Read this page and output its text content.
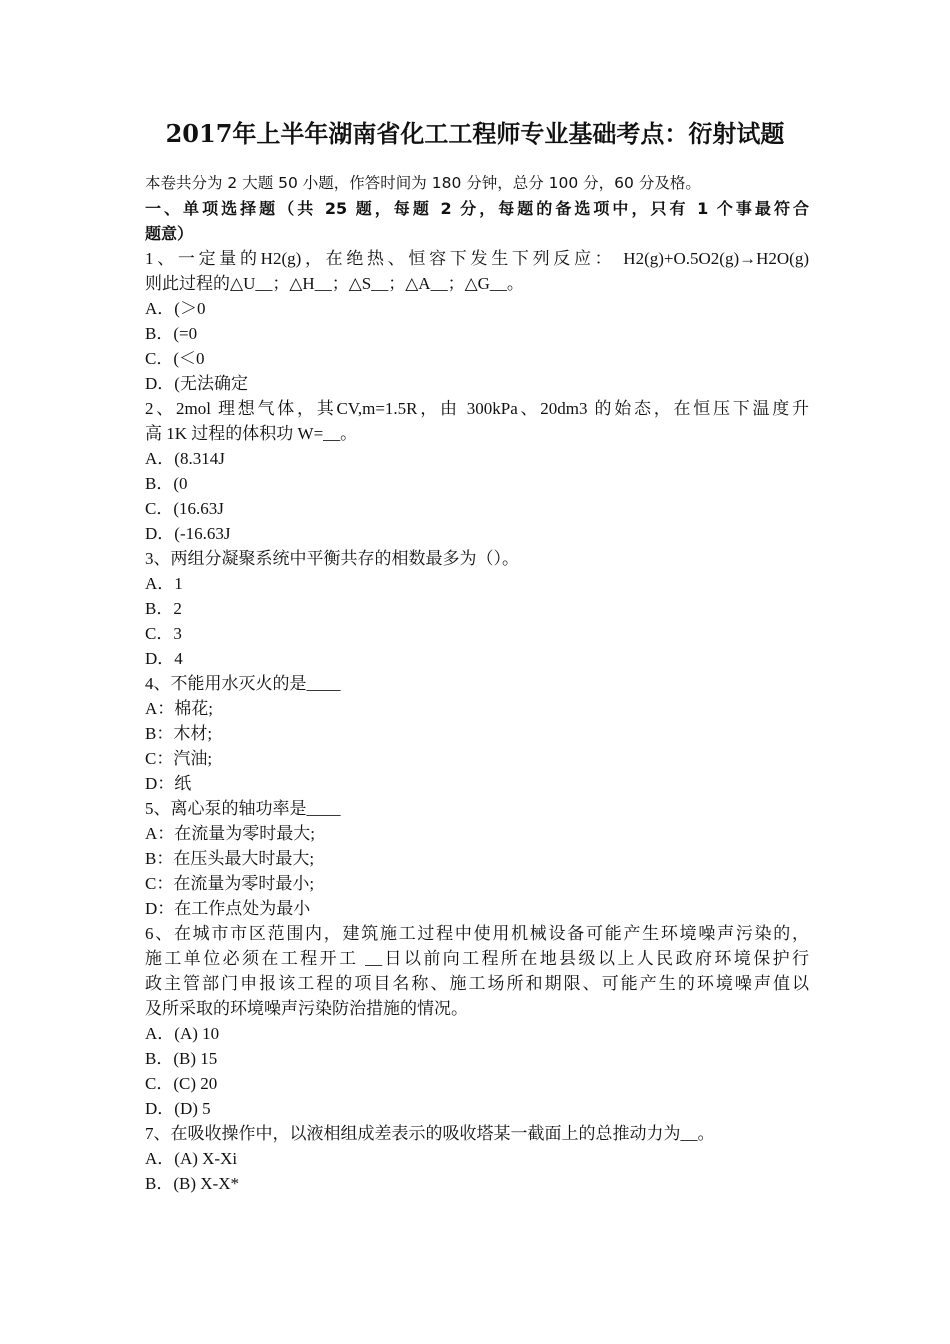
2017年上半年湖南省化工工程师专业基础考点：衍射试题
本卷共分为 2 大题 50 小题，作答时间为 180 分钟，总分 100 分，60 分及格。
一、单项选择题（共 25 题，每题 2 分，每题的备选项中，只有 1 个事最符合
题意）
1、一定量的H2(g)，在绝热、恒容下发生下列反应： H2(g)+O.5O2(g)→H2O(g)
则此过程的△U__；△H__；△S__；△A__；△G__。
A．(＞0
B．(=0
C．(＜0
D．(无法确定
2、2mol 理想气体，其CV,m=1.5R，由 300kPa、20dm3 的始态，在恒压下温度升
高 1K 过程的体积功 W=__。
A．(8.314J
B．(0
C．(16.63J
D．(-16.63J
3、两组分凝聚系统中平衡共存的相数最多为（）。
A．1
B．2
C．3
D．4
4、不能用水灭火的是____
A：棉花;
B：木材;
C：汽油;
D：纸
5、离心泵的轴功率是____
A：在流量为零时最大;
B：在压头最大时最大;
C：在流量为零时最小;
D：在工作点处为最小
6、在城市市区范围内，建筑施工过程中使用机械设备可能产生环境噪声污染的，
施工单位必须在工程开工 __日以前向工程所在地县级以上人民政府环境保护行
政主管部门申报该工程的项目名称、施工场所和期限、可能产生的环境噪声值以
及所采取的环境噪声污染防治措施的情况。
A．(A) 10
B．(B) 15
C．(C) 20
D．(D) 5
7、在吸收操作中，以液相组成差表示的吸收塔某一截面上的总推动力为__。
A．(A) X-Xi
B．(B) X-X*
